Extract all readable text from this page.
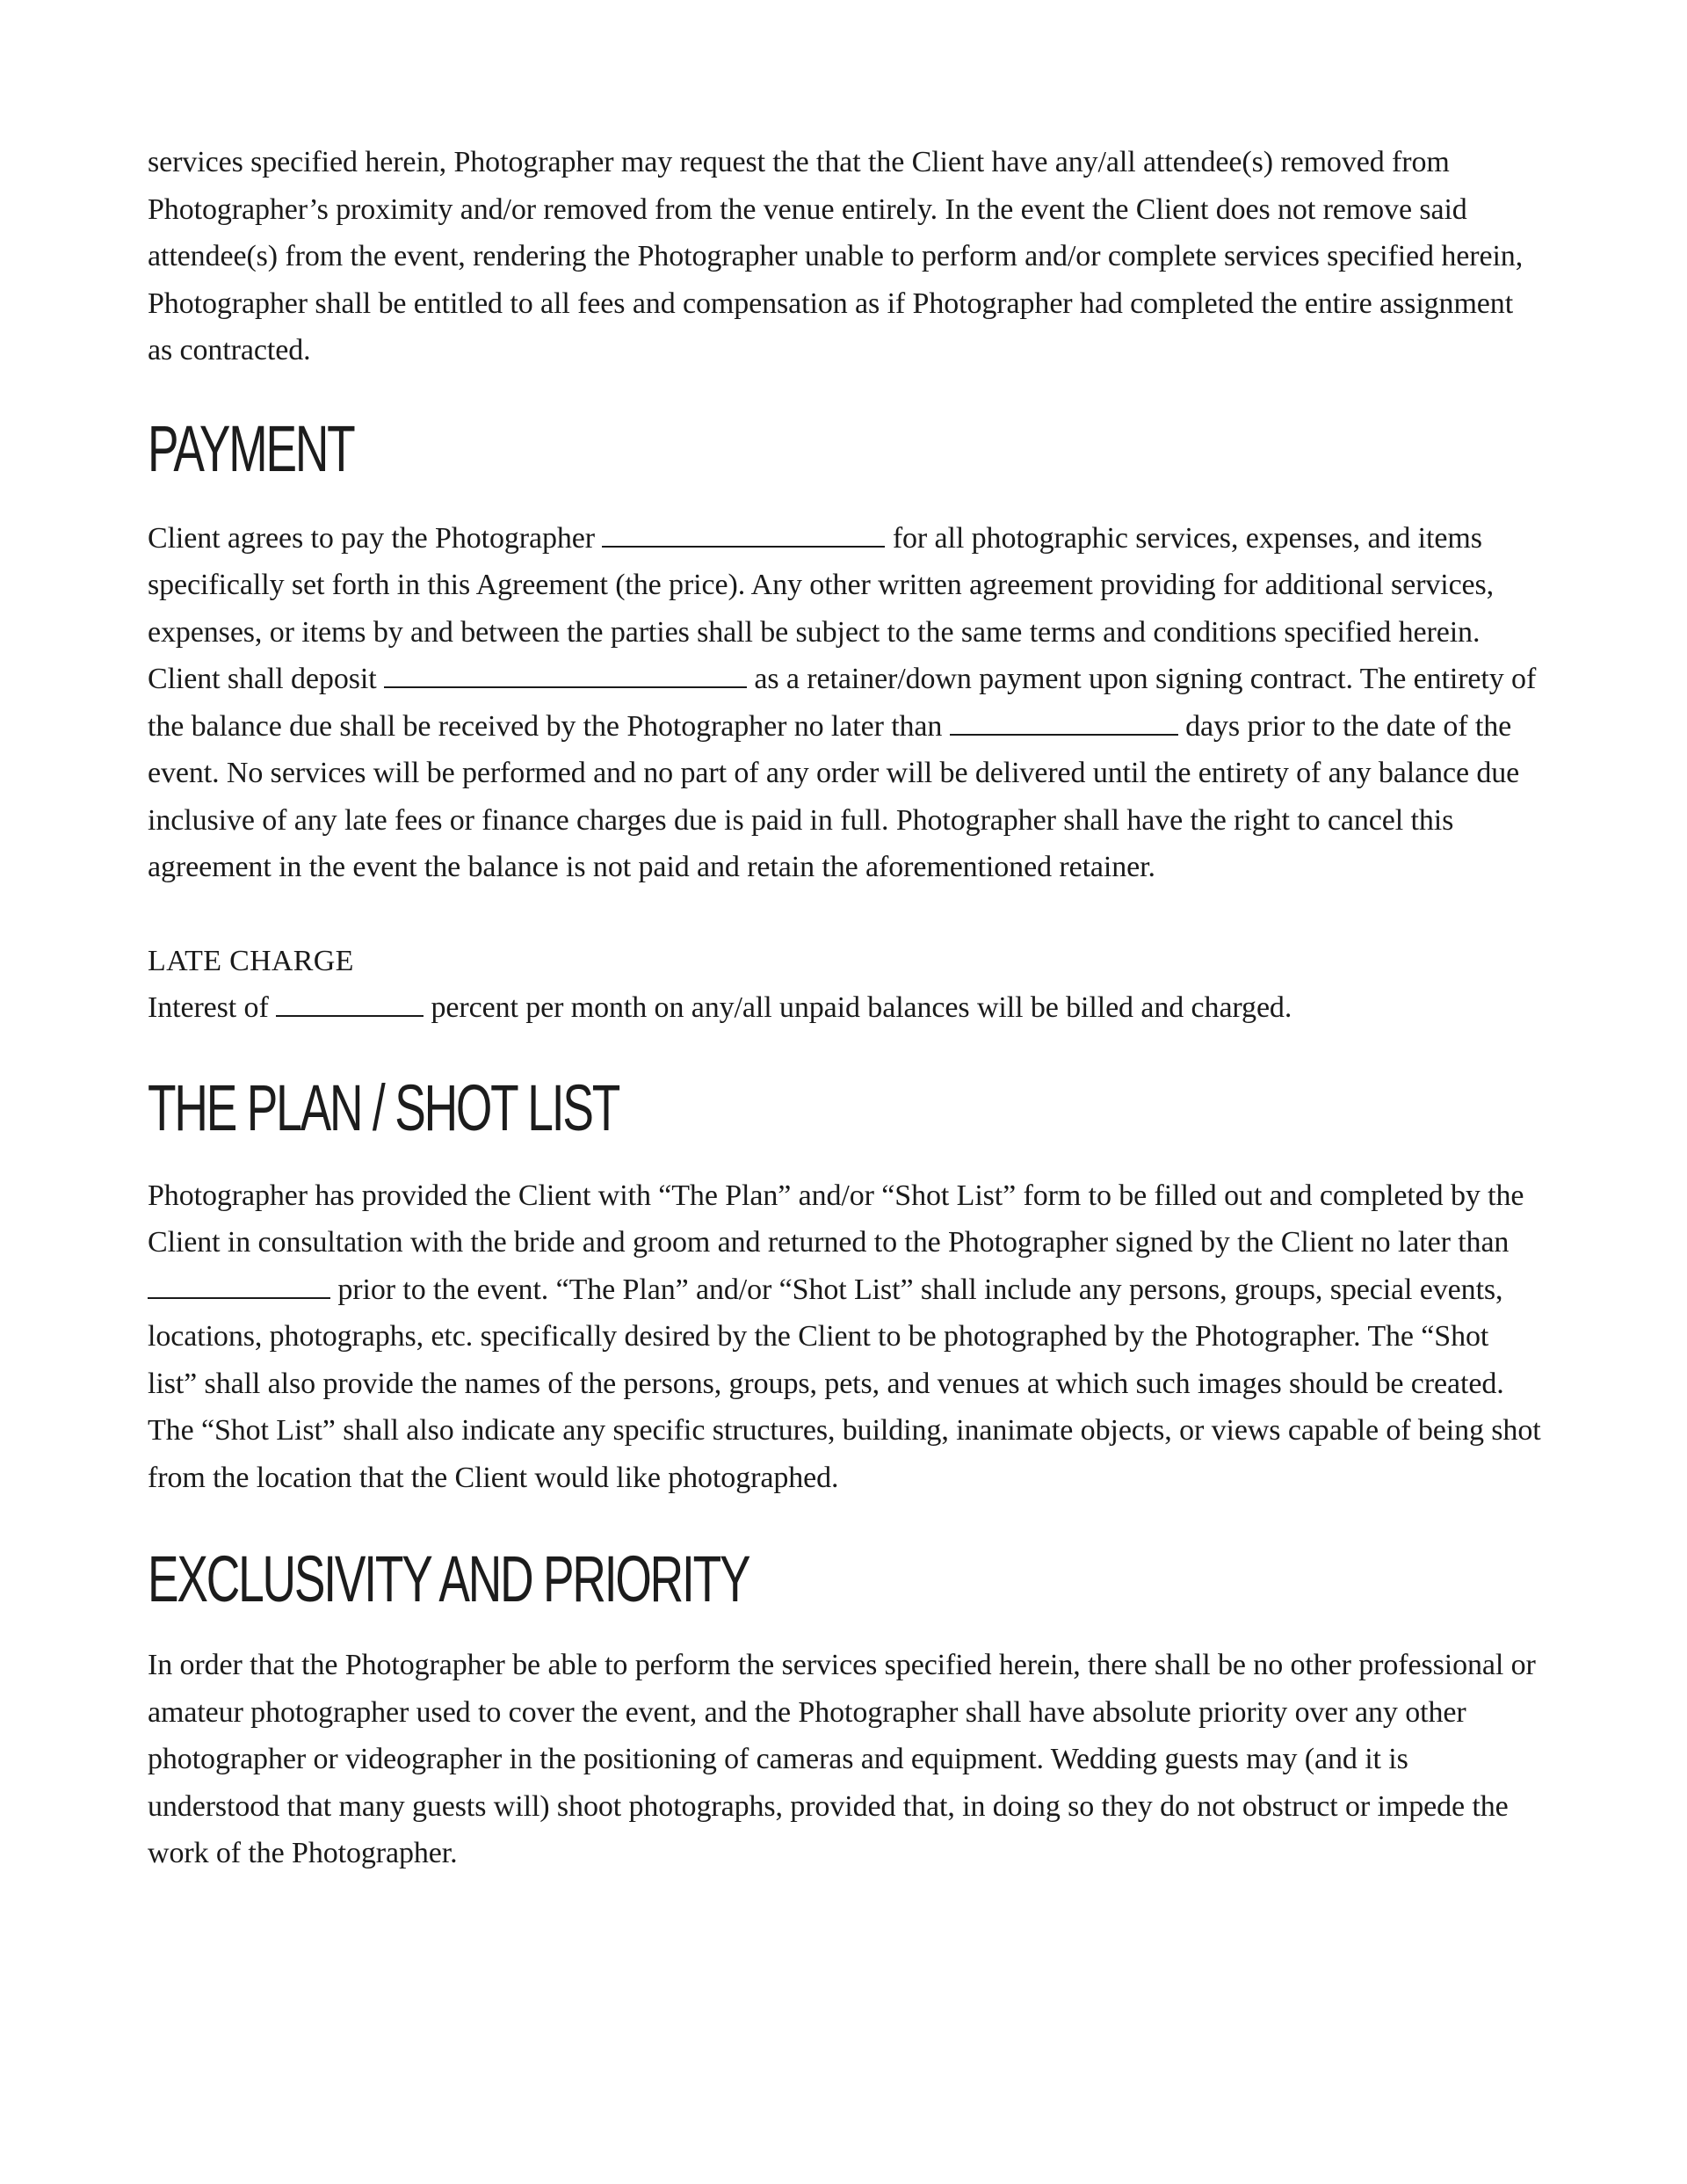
services specified herein, Photographer may request the that the Client have any/all attendee(s) removed from Photographer’s proximity and/or removed from the venue entirely. In the event the Client does not remove said attendee(s) from the event, rendering the Photographer unable to perform and/or complete services specified herein, Photographer shall be entitled to all fees and compensation as if Photographer had completed the entire assignment as contracted.

PAYMENT

Client agrees to pay the Photographer	for all photographic services, expenses, and items specifically set forth in this Agreement (the price). Any other written agreement providing for additional services, expenses, or items by and between the parties shall be subject to the same terms and conditions specified herein. Client shall deposit	as a retainer/down payment upon signing contract. The entirety of the balance due shall be received by the Photographer no later than	days prior to the date of the event. No services will be performed and no part of any order will be delivered until the entirety of any balance due inclusive of any late fees or finance charges due is paid in full. Photographer shall have the right to cancel this agreement in the event the balance is not paid and retain the aforementioned retainer.

LATE CHARGE

Interest of	percent per month on any/all unpaid balances will be billed and charged.

THE PLAN / SHOT LIST

Photographer has provided the Client with “The Plan” and/or “Shot List” form to be filled out and completed by the Client in consultation with the bride and groom and returned to the Photographer signed by the Client no later than  prior to the event. “The Plan” and/or “Shot List” shall include any persons, groups, special events, locations, photographs, etc. specifically desired by the Client to be photographed by the Photographer. The “Shot list” shall also provide the names of the persons, groups, pets, and venues at which such images should be created. The “Shot List” shall also indicate any specific structures, building, inanimate objects, or views capable of being shot from the location that the Client would like photographed.

EXCLUSIVITY AND PRIORITY

In order that the Photographer be able to perform the services specified herein, there shall be no other professional or amateur photographer used to cover the event, and the Photographer shall have absolute priority over any other photographer or videographer in the positioning of cameras and equipment. Wedding guests may (and it is understood that many guests will) shoot photographs, provided that, in doing so they do not obstruct or impede the work of the Photographer.
